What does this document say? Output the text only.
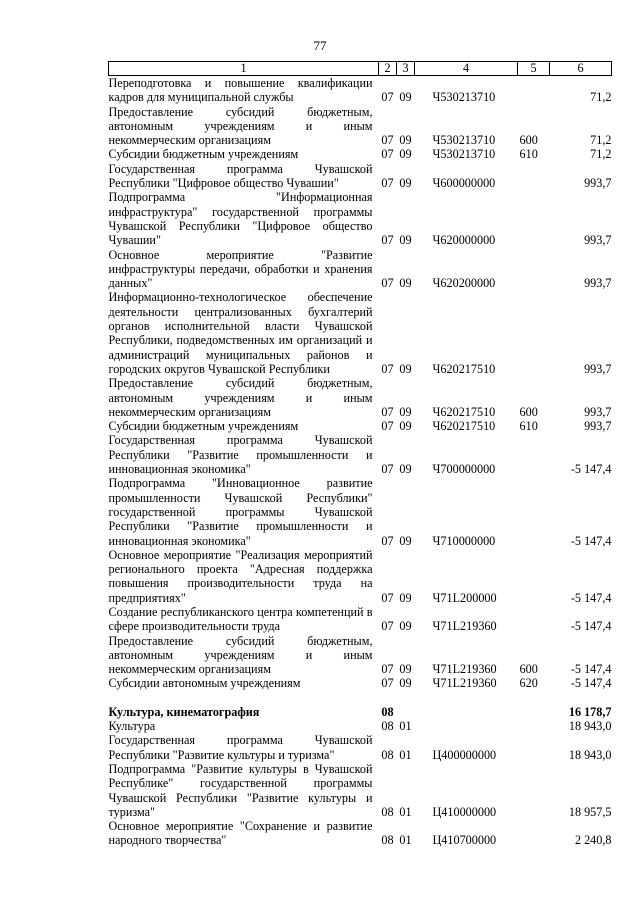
77
1	2	3	4	5	6
Переподготовка и повышение квалификации кадров для муниципальной службы	07	09	Ч530213710		71,2
Предоставление субсидий бюджетным, автономным учреждениям и иным некоммерческим организациям	07	09	Ч530213710	600	71,2
Субсидии бюджетным учреждениям	07	09	Ч530213710	610	71,2
Государственная программа Чувашской Республики "Цифровое общество Чувашии"	07	09	Ч600000000		993,7
Подпрограмма "Информационная инфраструктура" государственной программы Чувашской Республики "Цифровое общество Чувашии"	07	09	Ч620000000		993,7
Основное мероприятие "Развитие инфраструктуры передачи, обработки и хранения данных"	07	09	Ч620200000		993,7
Информационно-технологическое обеспечение деятельности централизованных бухгалтерий органов исполнительной власти Чувашской Республики, подведомственных им организаций и администраций муниципальных районов и городских округов Чувашской Республики	07	09	Ч620217510		993,7
Предоставление субсидий бюджетным, автономным учреждениям и иным некоммерческим организациям	07	09	Ч620217510	600	993,7
Субсидии бюджетным учреждениям	07	09	Ч620217510	610	993,7
Государственная программа Чувашской Республики "Развитие промышленности и инновационная экономика"	07	09	Ч700000000		-5 147,4
Подпрограмма "Инновационное развитие промышленности Чувашской Республики" государственной программы Чувашской Республики "Развитие промышленности и инновационная экономика"	07	09	Ч710000000		-5 147,4
Основное мероприятие "Реализация мероприятий регионального проекта "Адресная поддержка повышения производительности труда на предприятиях"	07	09	Ч71L200000		-5 147,4
Создание республиканского центра компетенций в сфере производительности труда	07	09	Ч71L219360		-5 147,4
Предоставление субсидий бюджетным, автономным учреждениям и иным некоммерческим организациям	07	09	Ч71L219360	600	-5 147,4
Субсидии автономным учреждениям	07	09	Ч71L219360	620	-5 147,4

Культура, кинематография	08				16 178,7
Культура	08	01			18 943,0
Государственная программа Чувашской Республики "Развитие культуры и туризма"	08	01	Ц400000000		18 943,0
Подпрограмма "Развитие культуры в Чувашской Республике" государственной программы Чувашской Республики "Развитие культуры и туризма"	08	01	Ц410000000		18 957,5
Основное мероприятие "Сохранение и развитие народного творчества"	08	01	Ц410700000		2 240,8
